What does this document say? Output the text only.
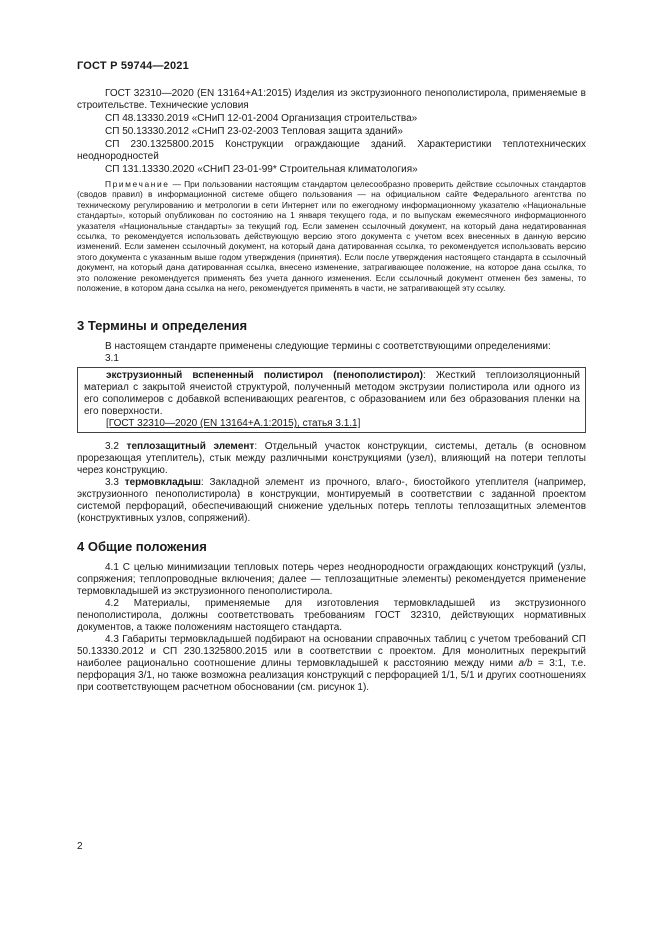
ГОСТ Р 59744—2021

ГОСТ 32310—2020 (EN 13164+A1:2015) Изделия из экструзионного пенополистирола, применяемые в строительстве. Технические условия

СП 48.13330.2019 «СНиП 12-01-2004 Организация строительства»

СП 50.13330.2012 «СНиП 23-02-2003 Тепловая защита зданий»

СП 230.1325800.2015 Конструкции ограждающие зданий. Характеристики теплотехнических неоднородностей

СП 131.13330.2020 «СНиП 23-01-99* Строительная климатология»

Примечание — При пользовании настоящим стандартом целесообразно проверить действие ссылочных стандартов (сводов правил) в информационной системе общего пользования — на официальном сайте Федерального агентства по техническому регулированию и метрологии в сети Интернет или по ежегодному информационному указателю «Национальные стандарты», который опубликован по состоянию на 1 января текущего года, и по выпускам ежемесячного информационного указателя «Национальные стандарты» за текущий год. Если заменен ссылочный документ, на который дана недатированная ссылка, то рекомендуется использовать действующую версию этого документа с учетом всех внесенных в данную версию изменений. Если заменен ссылочный документ, на который дана датированная ссылка, то рекомендуется использовать версию этого документа с указанным выше годом утверждения (принятия). Если после утверждения настоящего стандарта в ссылочный документ, на который дана датированная ссылка, внесено изменение, затрагивающее положение, на которое дана ссылка, то это положение рекомендуется применять без учета данного изменения. Если ссылочный документ отменен без замены, то положение, в котором дана ссылка на него, рекомендуется применять в части, не затрагивающей эту ссылку.

3 Термины и определения

В настоящем стандарте применены следующие термины с соответствующими определениями:

3.1

экструзионный вспененный полистирол (пенополистирол): Жесткий теплоизоляционный материал с закрытой ячеистой структурой, полученный методом экструзии полистирола или одного из его сополимеров с добавкой вспенивающих реагентов, с образованием или без образования пленки на его поверхности.

[ГОСТ 32310—2020 (EN 13164+A.1:2015), статья 3.1.1]

3.2 теплозащитный элемент: Отдельный участок конструкции, системы, деталь (в основном прорезающая утеплитель), стык между различными конструкциями (узел), влияющий на потери теплоты через конструкцию.

3.3 термовкладыш: Закладной элемент из прочного, влаго-, биостойкого утеплителя (например, экструзионного пенополистирола) в конструкции, монтируемый в соответствии с заданной проектом системой перфораций, обеспечивающий снижение удельных потерь теплоты теплозащитных элементов (конструктивных узлов, сопряжений).

4 Общие положения

4.1 С целью минимизации тепловых потерь через неоднородности ограждающих конструкций (узлы, сопряжения; теплопроводные включения; далее — теплозащитные элементы) рекомендуется применение термовкладышей из экструзионного пенополистирола.

4.2 Материалы, применяемые для изготовления термовкладышей из экструзионного пенополистирола, должны соответствовать требованиям ГОСТ 32310, действующих нормативных документов, а также положениям настоящего стандарта.

4.3 Габариты термовкладышей подбирают на основании справочных таблиц с учетом требований СП 50.13330.2012 и СП 230.1325800.2015 или в соответствии с проектом. Для монолитных перекрытий наиболее рационально соотношение длины термовкладышей к расстоянию между ними a/b = 3:1, т.е. перфорация 3/1, но также возможна реализация конструкций с перфорацией 1/1, 5/1 и других соотношениях при соответствующем расчетном обосновании (см. рисунок 1).

2
